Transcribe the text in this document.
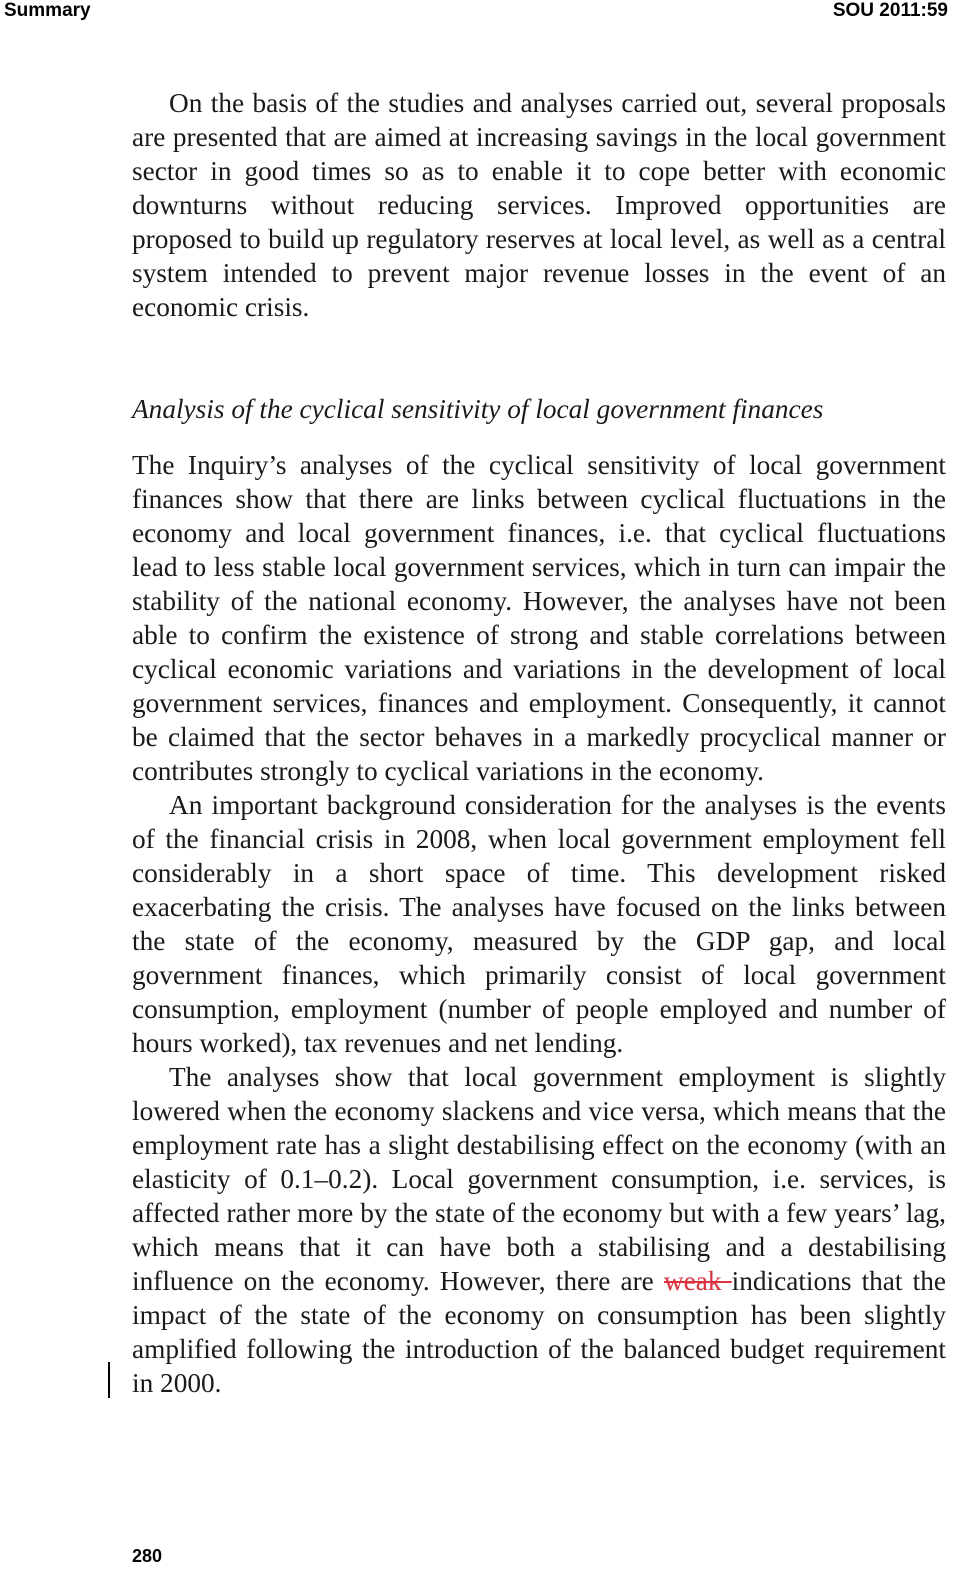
Summary	SOU 2011:59

On the basis of the studies and analyses carried out, several proposals are presented that are aimed at increasing savings in the local government sector in good times so as to enable it to cope better with economic downturns without reducing services. Improved opportunities are proposed to build up regulatory reserves at local level, as well as a central system intended to prevent major revenue losses in the event of an economic crisis.

Analysis of the cyclical sensitivity of local government finances

The Inquiry’s analyses of the cyclical sensitivity of local government finances show that there are links between cyclical fluctuations in the economy and local government finances, i.e. that cyclical fluctuations lead to less stable local government services, which in turn can impair the stability of the national economy. However, the analyses have not been able to confirm the existence of strong and stable correlations between cyclical economic variations and variations in the development of local government services, finances and employment. Consequently, it cannot be claimed that the sector behaves in a markedly procyclical manner or contributes strongly to cyclical variations in the economy.

An important background consideration for the analyses is the events of the financial crisis in 2008, when local government employment fell considerably in a short space of time. This development risked exacerbating the crisis. The analyses have focused on the links between the state of the economy, measured by the GDP gap, and local government finances, which primarily consist of local government consumption, employment (number of people employed and number of hours worked), tax revenues and net lending.

The analyses show that local government employment is slightly lowered when the economy slackens and vice versa, which means that the employment rate has a slight destabilising effect on the economy (with an elasticity of 0.1–0.2). Local government consumption, i.e. services, is affected rather more by the state of the economy but with a few years’ lag, which means that it can have both a stabilising and a destabilising influence on the economy. However, there are weak indications that the impact of the state of the economy on consumption has been slightly amplified following the introduction of the balanced budget requirement in 2000.

280
